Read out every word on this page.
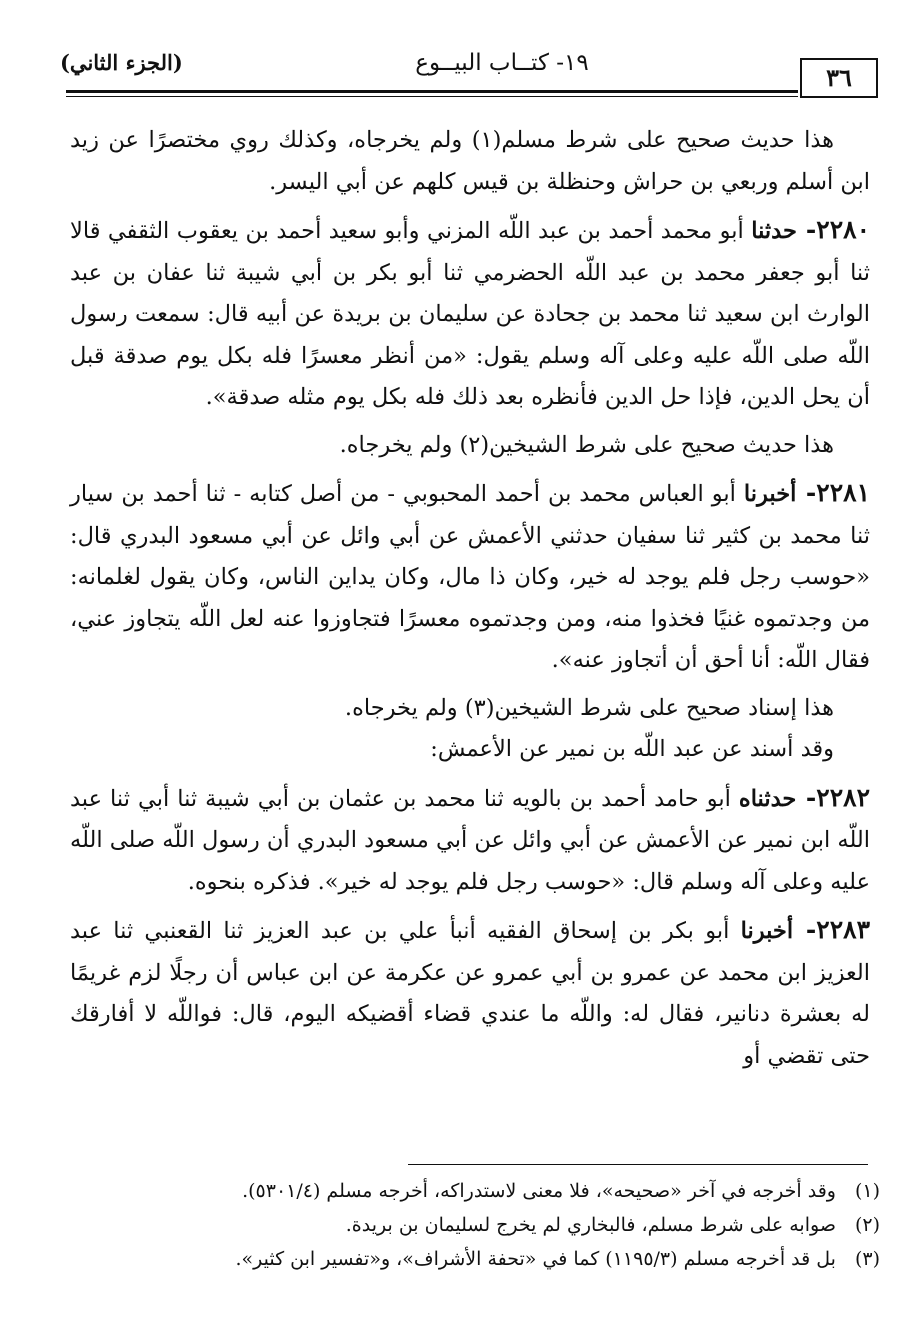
٣٦
١٩- كتــاب البيــوع
(الجزء الثاني)

هذا حديث صحيح على شرط مسلم(١) ولم يخرجاه، وكذلك روي مختصرًا عن زيد ابن أسلم وربعي بن حراش وحنظلة بن قيس كلهم عن أبي اليسر.

٢٢٨٠- حدثنا أبو محمد أحمد بن عبد اللّه المزني وأبو سعيد أحمد بن يعقوب الثقفي قالا ثنا أبو جعفر محمد بن عبد اللّه الحضرمي ثنا أبو بكر بن أبي شيبة ثنا عفان بن عبد الوارث ابن سعيد ثنا محمد بن جحادة عن سليمان بن بريدة عن أبيه قال: سمعت رسول اللّه صلى اللّه عليه وعلى آله وسلم يقول: «من أنظر معسرًا فله بكل يوم صدقة قبل أن يحل الدين، فإذا حل الدين فأنظره بعد ذلك فله بكل يوم مثله صدقة».

هذا حديث صحيح على شرط الشيخين(٢) ولم يخرجاه.

٢٢٨١- أخبرنا أبو العباس محمد بن أحمد المحبوبي - من أصل كتابه - ثنا أحمد بن سيار ثنا محمد بن كثير ثنا سفيان حدثني الأعمش عن أبي وائل عن أبي مسعود البدري قال: «حوسب رجل فلم يوجد له خير، وكان ذا مال، وكان يداين الناس، وكان يقول لغلمانه: من وجدتموه غنيًا فخذوا منه، ومن وجدتموه معسرًا فتجاوزوا عنه لعل اللّه يتجاوز عني، فقال اللّه: أنا أحق أن أتجاوز عنه».

هذا إسناد صحيح على شرط الشيخين(٣) ولم يخرجاه.

وقد أسند عن عبد اللّه بن نمير عن الأعمش:

٢٢٨٢- حدثناه أبو حامد أحمد بن بالويه ثنا محمد بن عثمان بن أبي شيبة ثنا أبي ثنا عبد اللّه ابن نمير عن الأعمش عن أبي وائل عن أبي مسعود البدري أن رسول اللّه صلى اللّه عليه وعلى آله وسلم قال: «حوسب رجل فلم يوجد له خير». فذكره بنحوه.

٢٢٨٣- أخبرنا أبو بكر بن إسحاق الفقيه أنبأ علي بن عبد العزيز ثنا القعنبي ثنا عبد العزيز ابن محمد عن عمرو بن أبي عمرو عن عكرمة عن ابن عباس أن رجلًا لزم غريمًا له بعشرة دنانير، فقال له: واللّه ما عندي قضاء أقضيكه اليوم، قال: فواللّه لا أفارقك حتى تقضي أو

(١) وقد أخرجه في آخر «صحيحه»، فلا معنى لاستدراكه، أخرجه مسلم (٥٣٠١/٤).

(٢) صوابه على شرط مسلم، فالبخاري لم يخرج لسليمان بن بريدة.

(٣) بل قد أخرجه مسلم (١١٩٥/٣) كما في «تحفة الأشراف»، و«تفسير ابن كثير».
